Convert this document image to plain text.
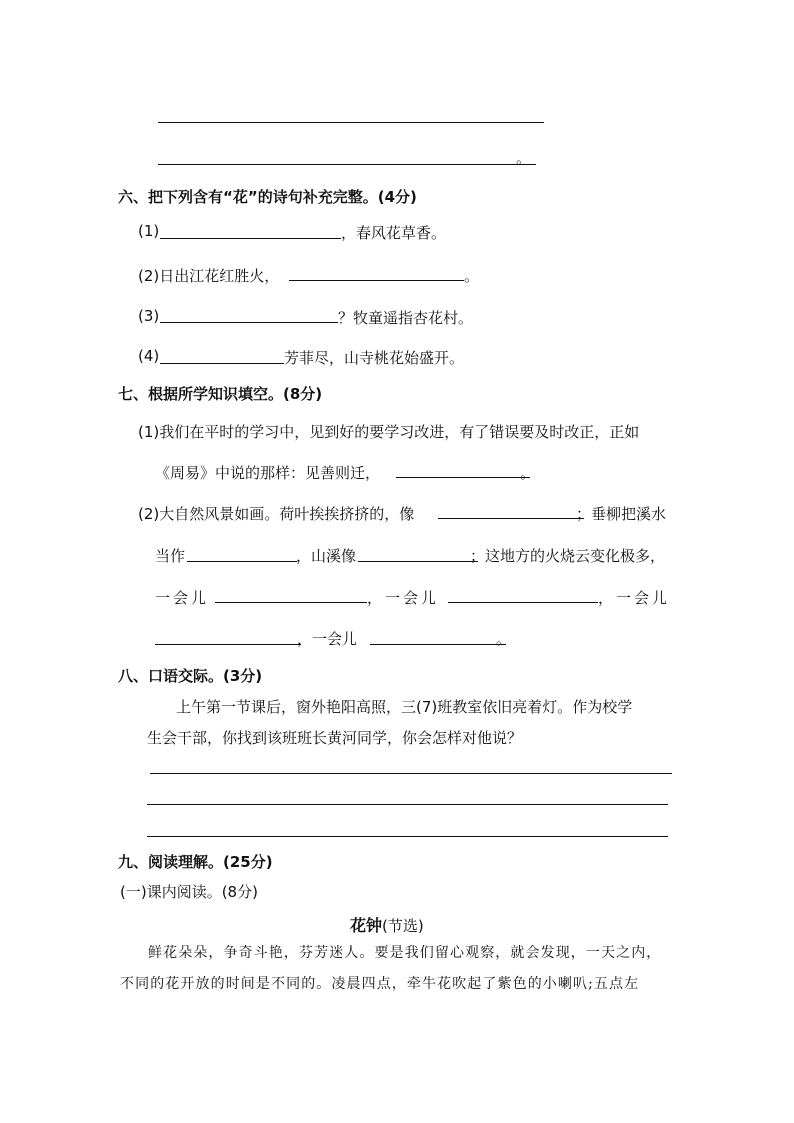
。
六、把下列含有“花”的诗句补充完整。(4分)
(1)	，春风花草香。
(2)日出江花红胜火，	。
(3)	？牧童遥指杏花村。
(4)	芳菲尽，山寺桃花始盛开。
七、根据所学知识填空。(8分)
(1)我们在平时的学习中，见到好的要学习改进，有了错误要及时改正，正如
《周易》中说的那样：见善则迁，	。
(2)大自然风景如画。荷叶挨挨挤挤的，像	；垂柳把溪水
当作	，山溪像	；这地方的火烧云变化极多，
一会儿	，一会儿	，一会儿
，一会儿	。
八、口语交际。(3分)
上午第一节课后，窗外艳阳高照，三(7)班教室依旧亮着灯。作为校学
生会干部，你找到该班班长黄河同学，你会怎样对他说？
九、阅读理解。(25分)
(一)课内阅读。(8分)
花钟(节选)
鲜花朵朵，争奇斗艳，芬芳迷人。要是我们留心观察，就会发现，一天之内，
不同的花开放的时间是不同的。凌晨四点，牵牛花吹起了紫色的小喇叭;五点左
